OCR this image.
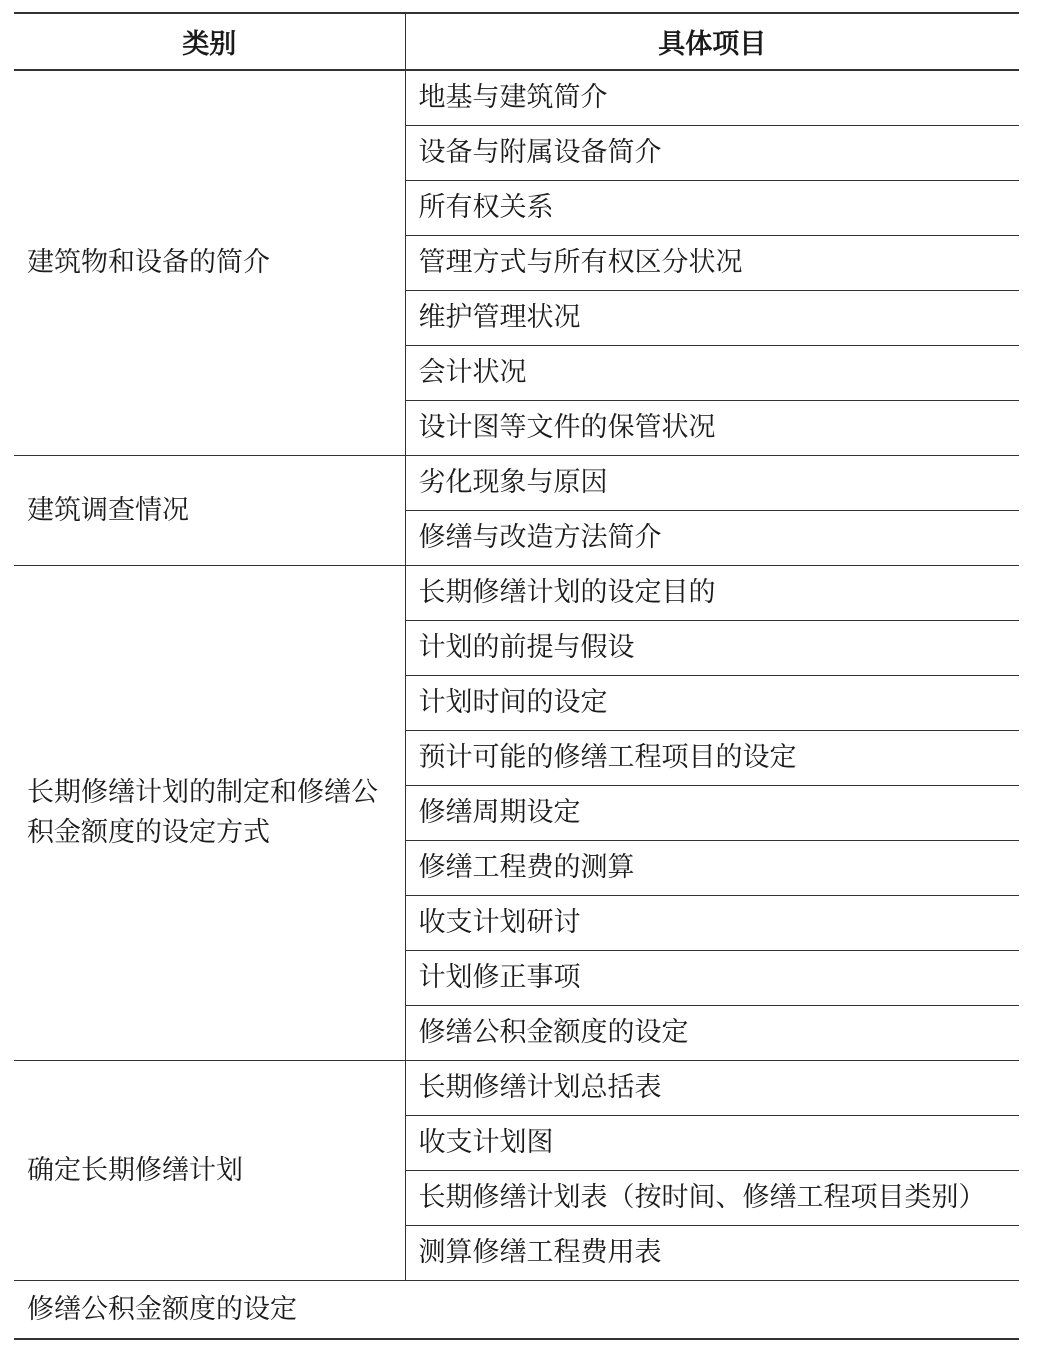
类别	具体项目
建筑物和设备的简介	地基与建筑简介
	设备与附属设备简介
	所有权关系
	管理方式与所有权区分状况
	维护管理状况
	会计状况
	设计图等文件的保管状况
建筑调查情况	劣化现象与原因
	修缮与改造方法简介
长期修缮计划的制定和修缮公积金额度的设定方式	长期修缮计划的设定目的
	计划的前提与假设
	计划时间的设定
	预计可能的修缮工程项目的设定
	修缮周期设定
	修缮工程费的测算
	收支计划研讨
	计划修正事项
	修缮公积金额度的设定
确定长期修缮计划	长期修缮计划总括表
	收支计划图
	长期修缮计划表（按时间、修缮工程项目类别）
	测算修缮工程费用表
修缮公积金额度的设定	
